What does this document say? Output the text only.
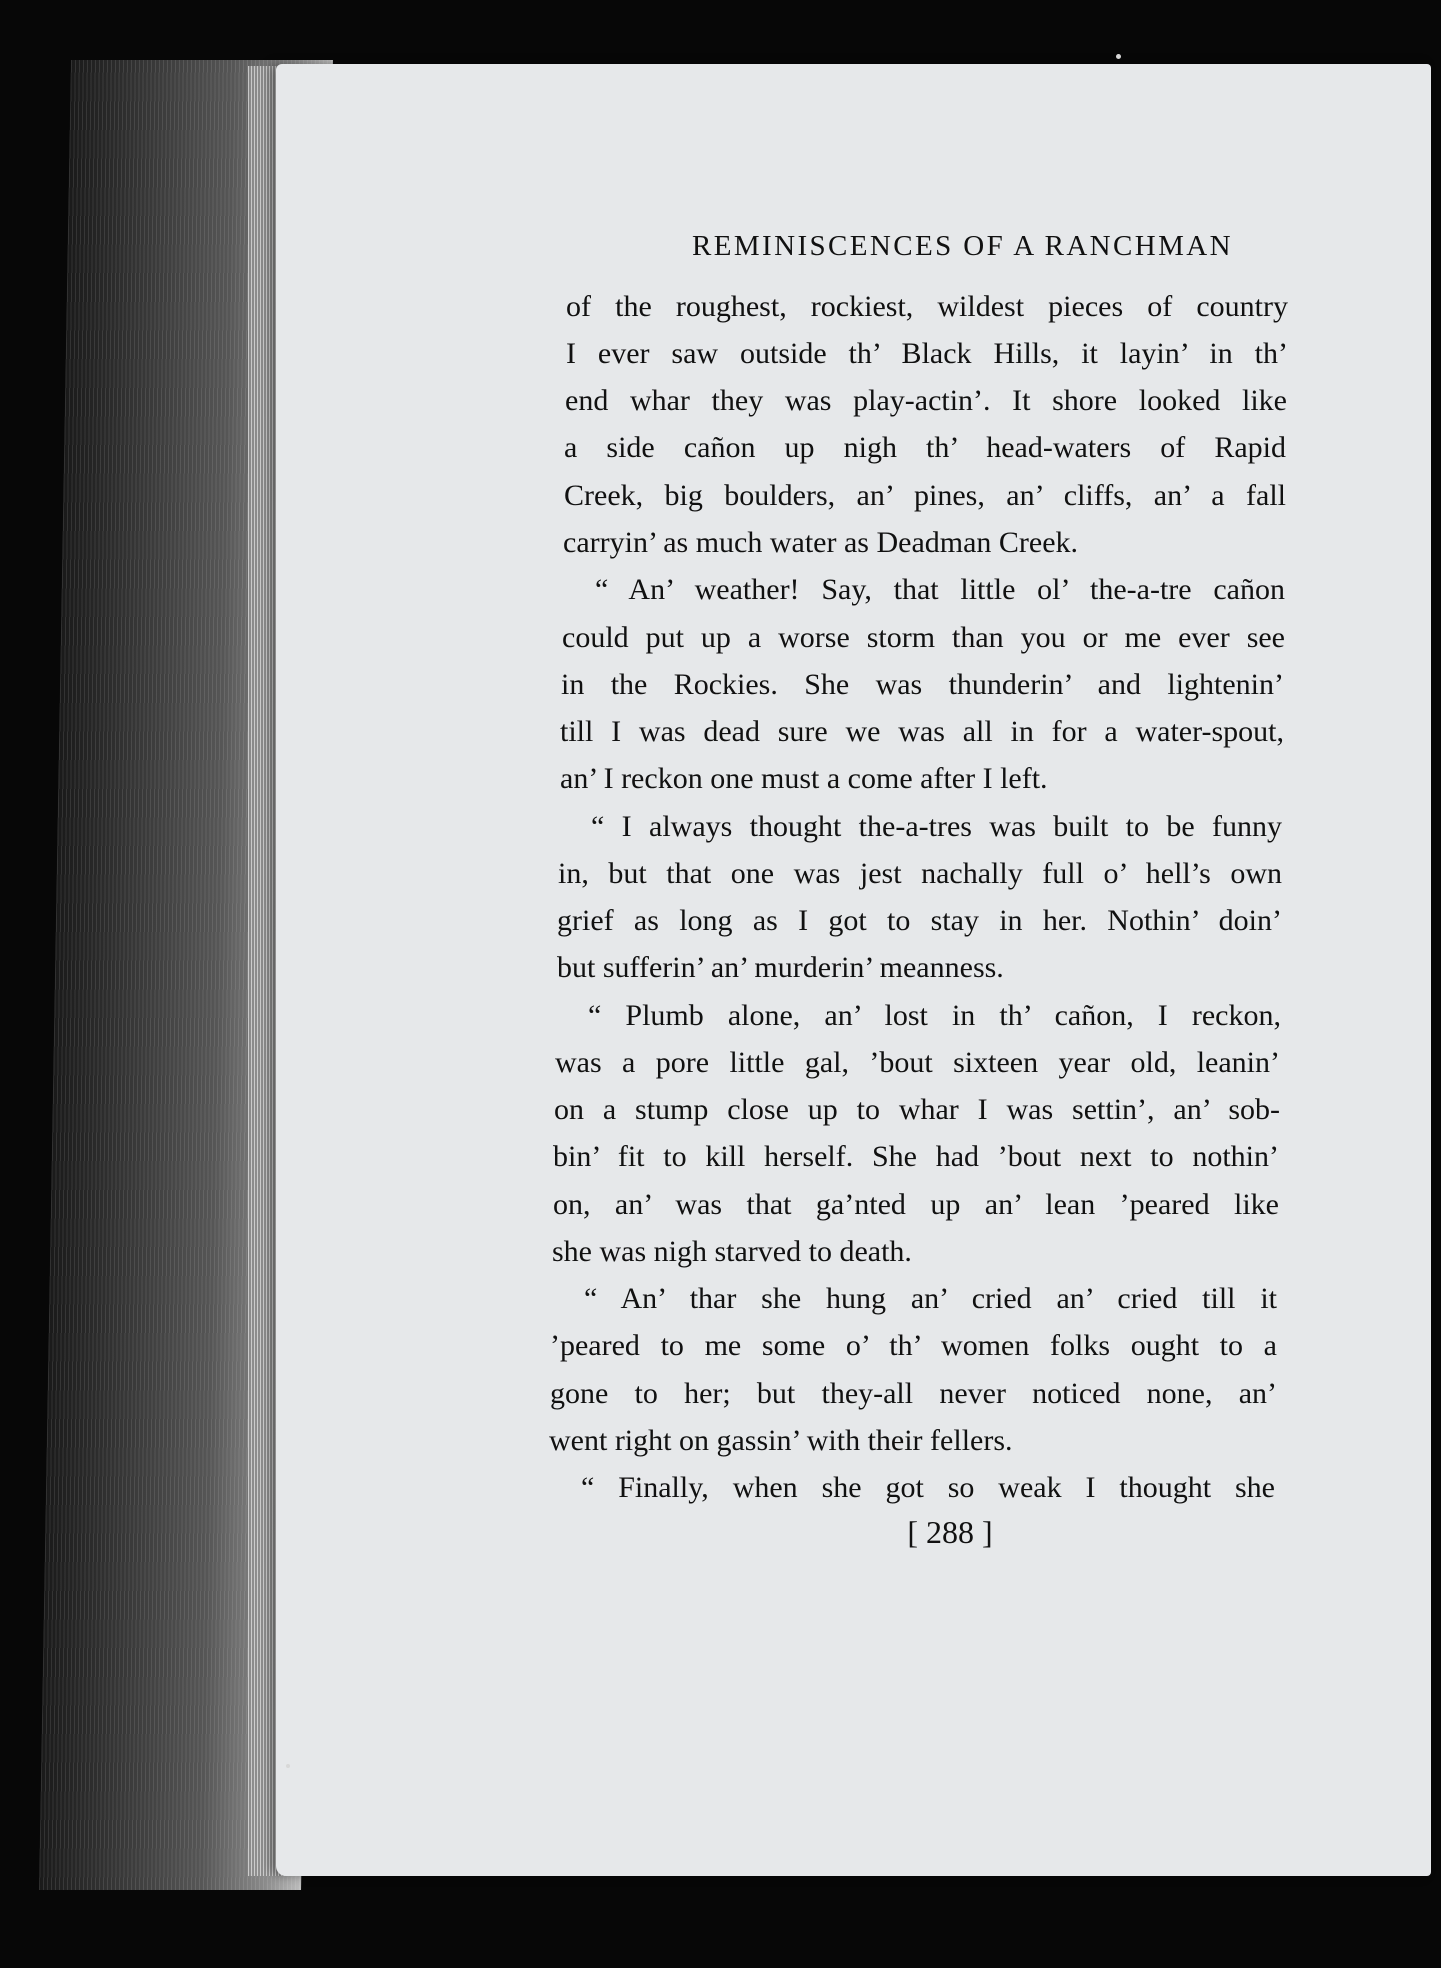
REMINISCENCES OF A RANCHMAN
of the roughest, rockiest, wildest pieces of country
I ever saw outside th’ Black Hills, it layin’ in th’
end whar they was play-actin’. It shore looked like
a side cañon up nigh th’ head-waters of Rapid
Creek, big boulders, an’ pines, an’ cliffs, an’ a fall
carryin’ as much water as Deadman Creek.
“ An’ weather! Say, that little ol’ the-a-tre cañon
could put up a worse storm than you or me ever see
in the Rockies. She was thunderin’ and lightenin’
till I was dead sure we was all in for a water-spout,
an’ I reckon one must a come after I left.
“ I always thought the-a-tres was built to be funny
in, but that one was jest nachally full o’ hell’s own
grief as long as I got to stay in her. Nothin’ doin’
but sufferin’ an’ murderin’ meanness.
“ Plumb alone, an’ lost in th’ cañon, I reckon,
was a pore little gal, ’bout sixteen year old, leanin’
on a stump close up to whar I was settin’, an’ sob-
bin’ fit to kill herself. She had ’bout next to nothin’
on, an’ was that ga’nted up an’ lean ’peared like
she was nigh starved to death.
“ An’ thar she hung an’ cried an’ cried till it
’peared to me some o’ th’ women folks ought to a
gone to her; but they-all never noticed none, an’
went right on gassin’ with their fellers.
“ Finally, when she got so weak I thought she
[ 288 ]
